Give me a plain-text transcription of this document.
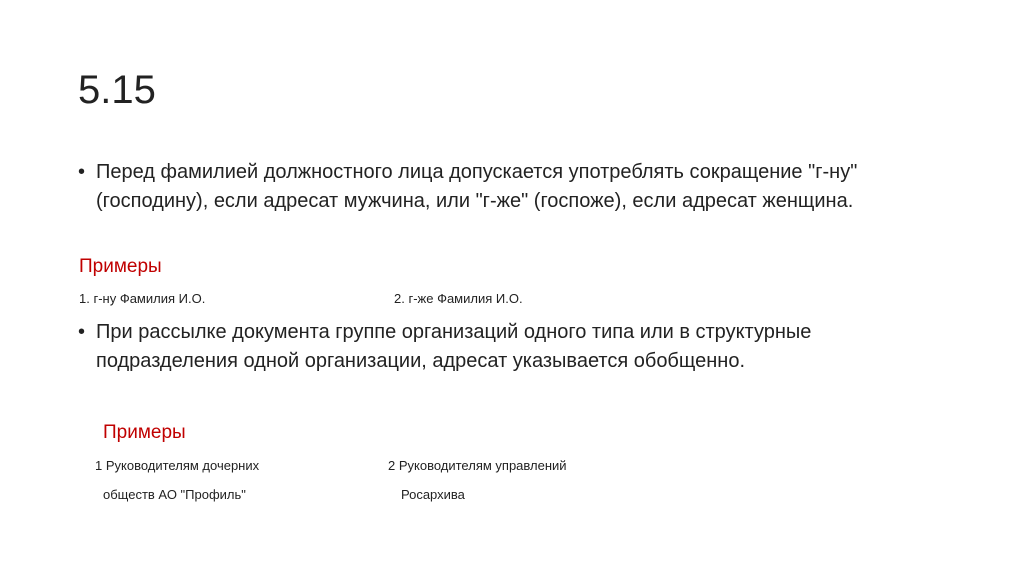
5.15
• Перед фамилией должностного лица допускается употреблять сокращение "г-ну" (господину), если адресат мужчина, или "г-же" (госпоже), если адресат женщина.
Примеры
1. г-ну Фамилия И.О.	2. г-же Фамилия И.О.
• При рассылке документа группе организаций одного типа или в структурные подразделения одной организации, адресат указывается обобщенно.
Примеры
1 Руководителям дочерних
обществ АО "Профиль"
2 Руководителям управлений
Росархива
